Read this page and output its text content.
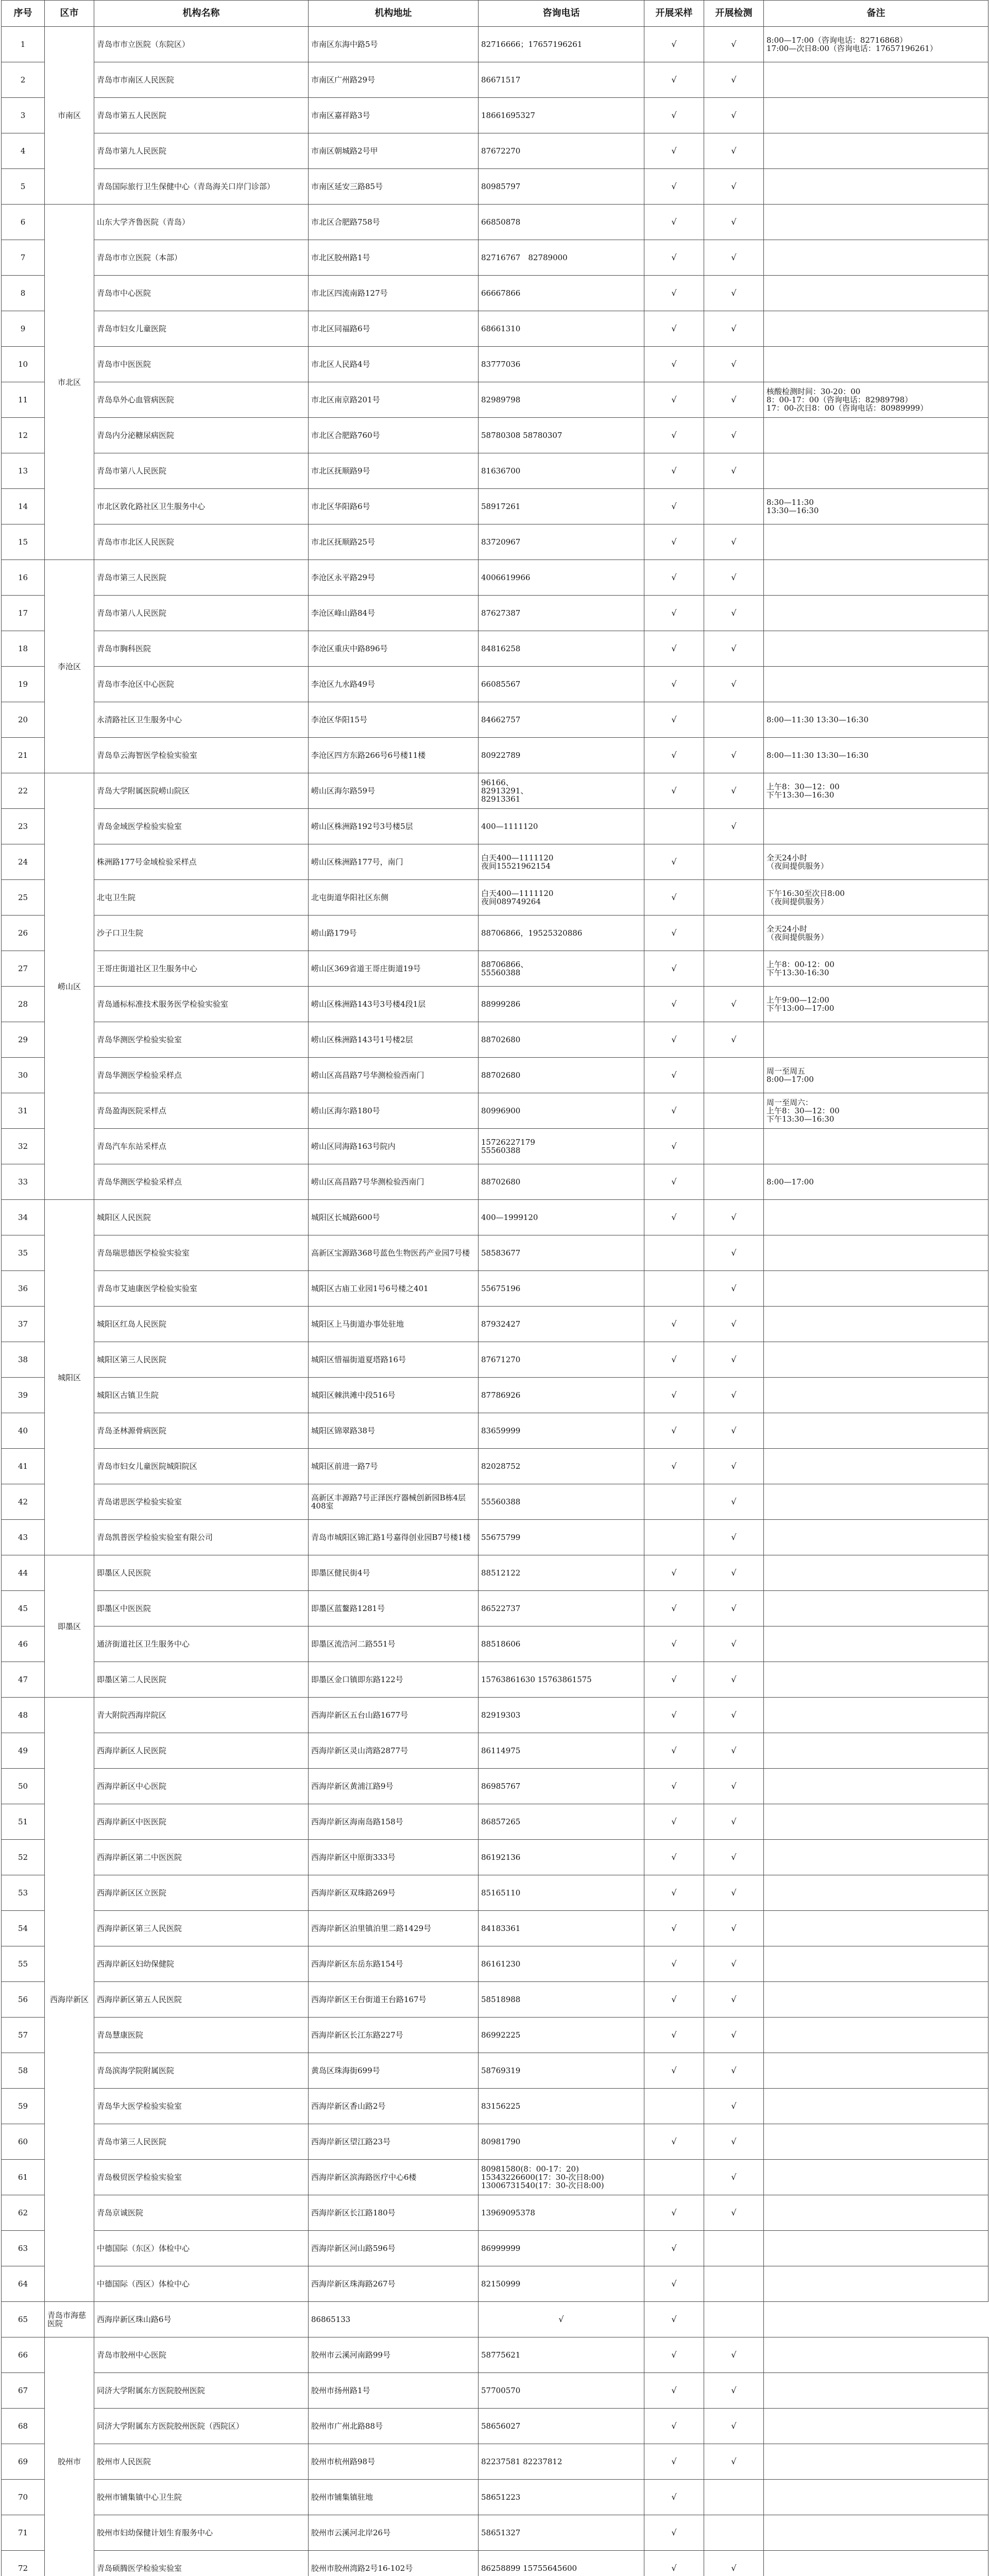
序号	区市	机构名称	机构地址	咨询电话	开展采样	开展检测	备注
1	市南区	青岛市市立医院（东院区）	市南区东海中路5号	82716666；17657196261	√	√	8:00—17:00（咨询电话：82716868）
17:00—次日8:00（咨询电话：17657196261）
2		青岛市市南区人民医院	市南区广州路29号	86671517	√	√	
3		青岛市第五人民医院	市南区嘉祥路3号	18661695327	√	√	
4		青岛市第九人民医院	市南区朝城路2号甲	87672270	√	√	
5		青岛国际旅行卫生保健中心（青岛海关口岸门诊部）	市南区延安三路85号	80985797	√	√	
6	市北区	山东大学齐鲁医院（青岛）	市北区合肥路758号	66850878	√	√	
7		青岛市市立医院（本部）	市北区胶州路1号	82716767　82789000	√	√	
8		青岛市中心医院	市北区四流南路127号	66667866	√	√	
9		青岛市妇女儿童医院	市北区同福路6号	68661310	√	√	
10		青岛市中医医院	市北区人民路4号	83777036	√	√	
11		青岛阜外心血管病医院	市北区南京路201号	82989798	√	√	核酸检测时间：30-20：00
8：00-17：00（咨询电话：82989798）
17：00-次日8：00（咨询电话：80989999）
12		青岛内分泌糖尿病医院	市北区合肥路760号	58780308 58780307	√	√	
13		青岛市第八人民医院	市北区抚顺路9号	81636700	√	√	
14		市北区敦化路社区卫生服务中心	市北区华阳路6号	58917261	√		8:30—11:30
13:30—16:30
15		青岛市市北区人民医院	市北区抚顺路25号	83720967	√	√	
16	李沧区	青岛市第三人民医院	李沧区永平路29号	4006619966	√	√	
17		青岛市第八人民医院	李沧区峰山路84号	87627387	√	√	
18		青岛市胸科医院	李沧区重庆中路896号	84816258	√	√	
19		青岛市李沧区中心医院	李沧区九水路49号	66085567	√	√	
20		永清路社区卫生服务中心	李沧区华阳15号	84662757	√		8:00—11:30 13:30—16:30
21		青岛阜云海智医学检验实验室	李沧区四方东路266号6号楼11楼	80922789	√	√	8:00—11:30 13:30—16:30
22	崂山区	青岛大学附属医院崂山院区	崂山区海尔路59号	96166、
82913291、
82913361	√	√	上午8：30—12：00
下午13:30—16:30
23		青岛金域医学检验实验室	崂山区株洲路192号3号楼5层	400—1111120		√	
24		株洲路177号金域检验采样点	崂山区株洲路177号，南门	白天400—1111120
夜间15521962154	√		全天24小时
（夜间提供服务）
25		北屯卫生院	北屯街道华阳社区东侧	白天400—1111120
夜间089749264	√		下午16:30至次日8:00
（夜间提供服务）
26		沙子口卫生院	崂山路179号	88706866，19525320886	√		全天24小时
（夜间提供服务）
27		王哥庄街道社区卫生服务中心	崂山区369省道王哥庄街道19号	88706866、
55560388	√		上午8：00-12：00
下午13:30-16:30
28		青岛通标标准技术服务医学检验实验室	崂山区株洲路143号3号楼4段1层	88999286	√	√	上午9:00—12:00
下午13:00—17:00
29		青岛华测医学检验实验室	崂山区株洲路143号1号楼2层	88702680	√	√	
30		青岛华测医学检验采样点	崂山区高昌路7号华测检验西南门	88702680	√		周一至周五
8:00—17:00
31		青岛盈海医院采样点	崂山区海尔路180号	80996900	√		周一至周六：
上午8：30—12：00
下午13:30—16:30
32		青岛汽车东站采样点	崂山区同海路163号院内	15726227179
55560388	√		
33		青岛华测医学检验采样点	崂山区高昌路7号华测检验西南门	88702680	√		8:00—17:00
34	城阳区	城阳区人民医院	城阳区长城路600号	400—1999120	√	√	
35		青岛瑞思德医学检验实验室	高新区宝源路368号蓝色生物医药产业园7号楼	58583677		√	
36		青岛市艾迪康医学检验实验室	城阳区古庙工业园1号6号楼之401	55675196		√	
37		城阳区红岛人民医院	城阳区上马街道办事处驻地	87932427	√	√	
38		城阳区第三人民医院	城阳区惜福街道夏塔路16号	87671270	√	√	
39		城阳区古镇卫生院	城阳区棘洪滩中段516号	87786926	√	√	
40		青岛圣林源骨病医院	城阳区锦翠路38号	83659999	√	√	
41		青岛市妇女儿童医院城阳院区	城阳区前进一路7号	82028752	√	√	
42		青岛诺思医学检验实验室	高新区丰源路7号正泽医疗器械创新园B栋4层408室	55560388		√	
43		青岛凯普医学检验实验室有限公司	青岛市城阳区锦汇路1号嘉得创业园B7号楼1楼	55675799		√	
44	即墨区	即墨区人民医院	即墨区健民街4号	88512122	√	√	
45		即墨区中医医院	即墨区蓝鳌路1281号	86522737	√	√	
46		通济街道社区卫生服务中心	即墨区流浩河二路551号	88518606	√	√	
47		即墨区第二人民医院	即墨区金口镇即东路122号	15763861630 15763861575	√	√	
48	西海岸新区	青大附院西海岸院区	西海岸新区五台山路1677号	82919303	√	√	
49		西海岸新区人民医院	西海岸新区灵山湾路2877号	86114975	√	√	
50		西海岸新区中心医院	西海岸新区黄浦江路9号	86985767	√	√	
51		西海岸新区中医医院	西海岸新区海南岛路158号	86857265	√	√	
52		西海岸新区第二中医医院	西海岸新区中原街333号	86192136	√	√	
53		西海岸新区区立医院	西海岸新区双珠路269号	85165110	√	√	
54		西海岸新区第三人民医院	西海岸新区泊里镇泊里二路1429号	84183361	√	√	
55		西海岸新区妇幼保健院	西海岸新区东岳东路154号	86161230	√	√	
56		西海岸新区第五人民医院	西海岸新区王台街道王台路167号	58518988	√	√	
57		青岛慧康医院	西海岸新区长江东路227号	86992225	√	√	
58		青岛滨海学院附属医院	黄岛区珠海街699号	58769319	√	√	
59		青岛华大医学检验实验室	西海岸新区香山路2号	83156225		√	
60		青岛市第三人民医院	西海岸新区望江路23号	80981790	√	√	
61		青岛极贸医学检验实验室	西海岸新区滨海路医疗中心6楼	80981580(8：00-17：20)
15343226600(17：30-次日8:00)
13006731540(17：30-次日8:00)		√	
62		青岛京诚医院	西海岸新区长江路180号	13969095378	√	√	
63		中德国际（东区）体检中心	西海岸新区河山路596号	86999999	√		
64		中德国际（西区）体检中心	西海岸新区珠海路267号	82150999	√		
65	青岛市海慈医院	西海岸新区珠山路6号	86865133	√	√		
66	胶州市	青岛市胶州中心医院	胶州市云溪河南路99号	58775621	√	√	
67		同济大学附属东方医院胶州医院	胶州市扬州路1号	57700570	√	√	
68		同济大学附属东方医院胶州医院（西院区）	胶州市广州北路88号	58656027	√	√	
69		胶州市人民医院	胶州市杭州路98号	82237581 82237812	√	√	
70		胶州市铺集镇中心卫生院	胶州市铺集镇驻地	58651223	√		
71		胶州市妇幼保健计划生育服务中心	胶州市云溪河北岸26号	58651327	√		
72		青岛硕腾医学检验实验室	胶州市胶州湾路2号16-102号	86258899 15755645600	√	√	
